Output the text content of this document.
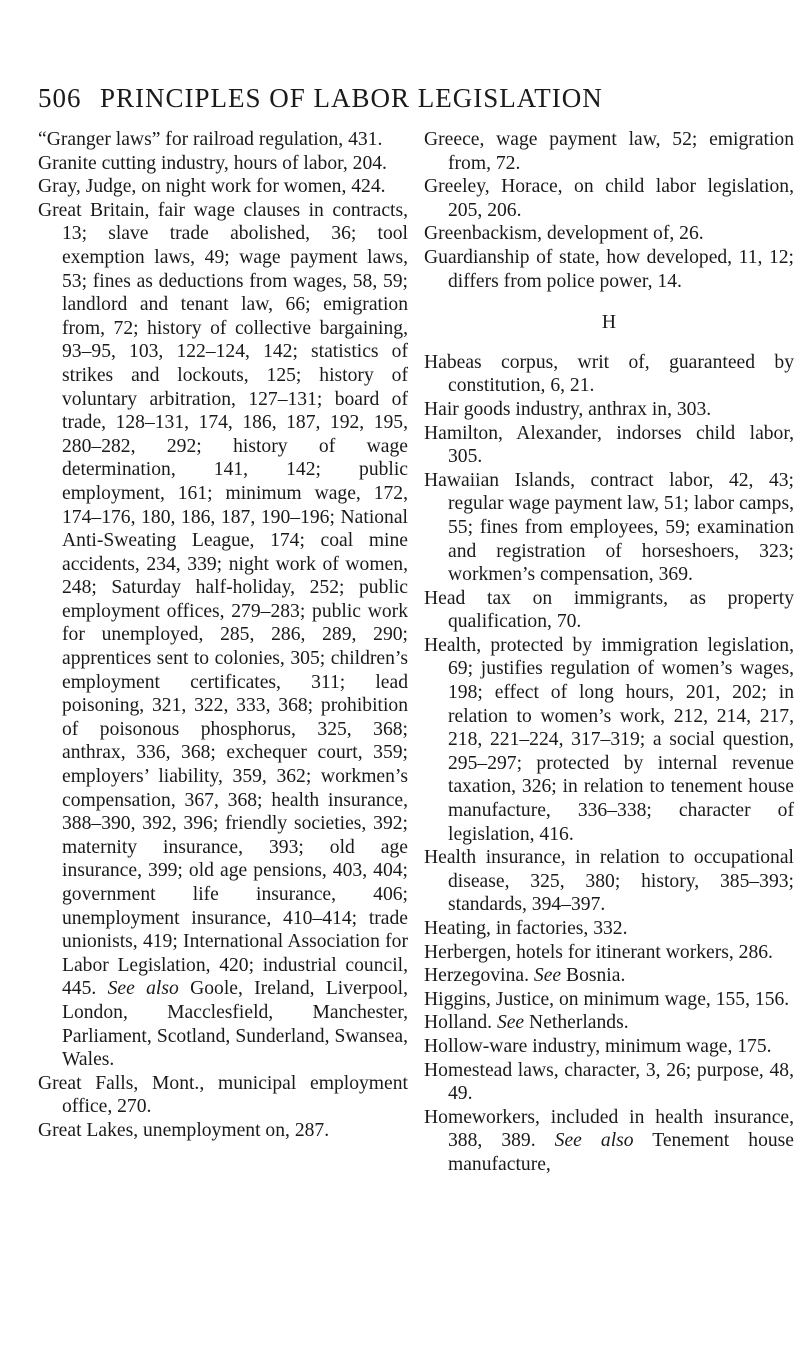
506 PRINCIPLES OF LABOR LEGISLATION

“Granger laws” for railroad regulation, 431.

Granite cutting industry, hours of labor, 204.

Gray, Judge, on night work for women, 424.

Great Britain, fair wage clauses in contracts, 13; slave trade abolished, 36; tool exemption laws, 49; wage payment laws, 53; fines as deductions from wages, 58, 59; landlord and tenant law, 66; emigration from, 72; history of collective bargaining, 93–95, 103, 122–124, 142; statistics of strikes and lockouts, 125; history of voluntary arbitration, 127–131; board of trade, 128–131, 174, 186, 187, 192, 195, 280–282, 292; history of wage determination, 141, 142; public employment, 161; minimum wage, 172, 174–176, 180, 186, 187, 190–196; National Anti-Sweating League, 174; coal mine accidents, 234, 339; night work of women, 248; Saturday half-holiday, 252; public employment offices, 279–283; public work for unemployed, 285, 286, 289, 290; apprentices sent to colonies, 305; children’s employment certificates, 311; lead poisoning, 321, 322, 333, 368; prohibition of poisonous phosphorus, 325, 368; anthrax, 336, 368; exchequer court, 359; employers’ liability, 359, 362; workmen’s compensation, 367, 368; health insurance, 388–390, 392, 396; friendly societies, 392; maternity insurance, 393; old age insurance, 399; old age pensions, 403, 404; government life insurance, 406; unemployment insurance, 410–414; trade unionists, 419; International Association for Labor Legislation, 420; industrial council, 445. See also Goole, Ireland, Liverpool, London, Macclesfield, Manchester, Parliament, Scotland, Sunderland, Swansea, Wales.

Great Falls, Mont., municipal employment office, 270.

Great Lakes, unemployment on, 287.

Greece, wage payment law, 52; emigration from, 72.

Greeley, Horace, on child labor legislation, 205, 206.

Greenbackism, development of, 26.

Guardianship of state, how developed, 11, 12; differs from police power, 14.

H

Habeas corpus, writ of, guaranteed by constitution, 6, 21.

Hair goods industry, anthrax in, 303.

Hamilton, Alexander, indorses child labor, 305.

Hawaiian Islands, contract labor, 42, 43; regular wage payment law, 51; labor camps, 55; fines from employees, 59; examination and registration of horseshoers, 323; workmen’s compensation, 369.

Head tax on immigrants, as property qualification, 70.

Health, protected by immigration legislation, 69; justifies regulation of women’s wages, 198; effect of long hours, 201, 202; in relation to women’s work, 212, 214, 217, 218, 221–224, 317–319; a social question, 295–297; protected by internal revenue taxation, 326; in relation to tenement house manufacture, 336–338; character of legislation, 416.

Health insurance, in relation to occupational disease, 325, 380; history, 385–393; standards, 394–397.

Heating, in factories, 332.

Herbergen, hotels for itinerant workers, 286.

Herzegovina. See Bosnia.

Higgins, Justice, on minimum wage, 155, 156.

Holland. See Netherlands.

Hollow-ware industry, minimum wage, 175.

Homestead laws, character, 3, 26; purpose, 48, 49.

Homeworkers, included in health insurance, 388, 389. See also Tenement house manufacture,
